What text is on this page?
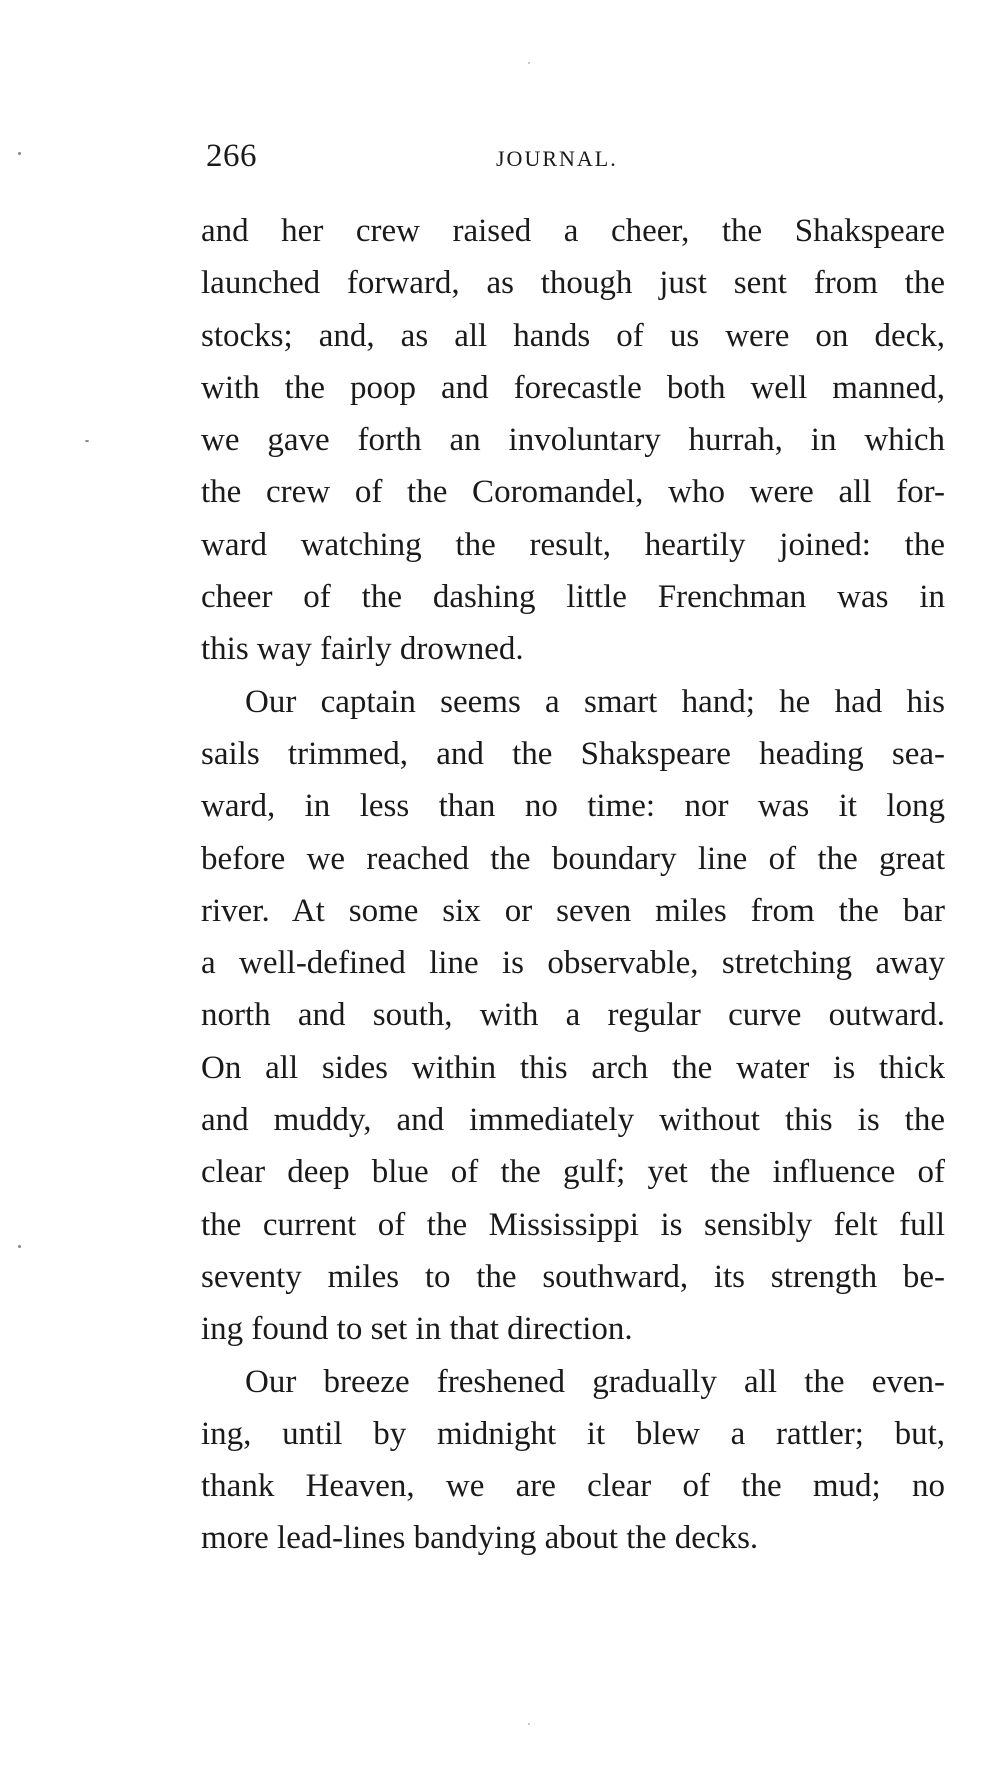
266	JOURNAL.
and her crew raised a cheer, the Shakspeare
launched forward, as though just sent from the
stocks; and, as all hands of us were on deck,
with the poop and forecastle both well manned,
we gave forth an involuntary hurrah, in which
the crew of the Coromandel, who were all for-
ward watching the result, heartily joined: the
cheer of the dashing little Frenchman was in
this way fairly drowned.
Our captain seems a smart hand; he had his
sails trimmed, and the Shakspeare heading sea-
ward, in less than no time: nor was it long
before we reached the boundary line of the great
river. At some six or seven miles from the bar
a well-defined line is observable, stretching away
north and south, with a regular curve outward.
On all sides within this arch the water is thick
and muddy, and immediately without this is the
clear deep blue of the gulf; yet the influence of
the current of the Mississippi is sensibly felt full
seventy miles to the southward, its strength be-
ing found to set in that direction.
Our breeze freshened gradually all the even-
ing, until by midnight it blew a rattler; but,
thank Heaven, we are clear of the mud; no
more lead-lines bandying about the decks.
